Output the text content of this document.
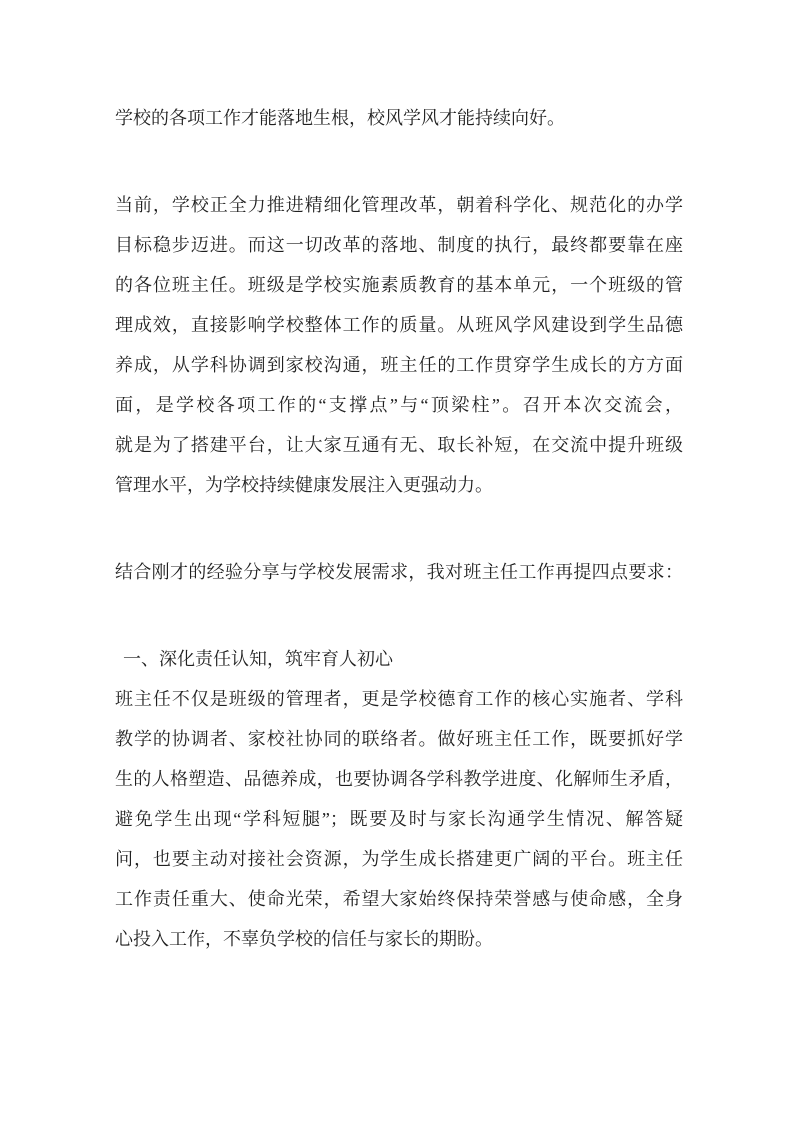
学校的各项工作才能落地生根，校风学风才能持续向好。
当前，学校正全力推进精细化管理改革，朝着科学化、规范化的办学
目标稳步迈进。而这一切改革的落地、制度的执行，最终都要靠在座
的各位班主任。班级是学校实施素质教育的基本单元，一个班级的管
理成效，直接影响学校整体工作的质量。从班风学风建设到学生品德
养成，从学科协调到家校沟通，班主任的工作贯穿学生成长的方方面
面，是学校各项工作的“支撑点”与“顶梁柱”。召开本次交流会，
就是为了搭建平台，让大家互通有无、取长补短，在交流中提升班级
管理水平，为学校持续健康发展注入更强动力。
结合刚才的经验分享与学校发展需求，我对班主任工作再提四点要求：
一、深化责任认知，筑牢育人初心
班主任不仅是班级的管理者，更是学校德育工作的核心实施者、学科
教学的协调者、家校社协同的联络者。做好班主任工作，既要抓好学
生的人格塑造、品德养成，也要协调各学科教学进度、化解师生矛盾，
避免学生出现“学科短腿”；既要及时与家长沟通学生情况、解答疑
问，也要主动对接社会资源，为学生成长搭建更广阔的平台。班主任
工作责任重大、使命光荣，希望大家始终保持荣誉感与使命感，全身
心投入工作，不辜负学校的信任与家长的期盼。
